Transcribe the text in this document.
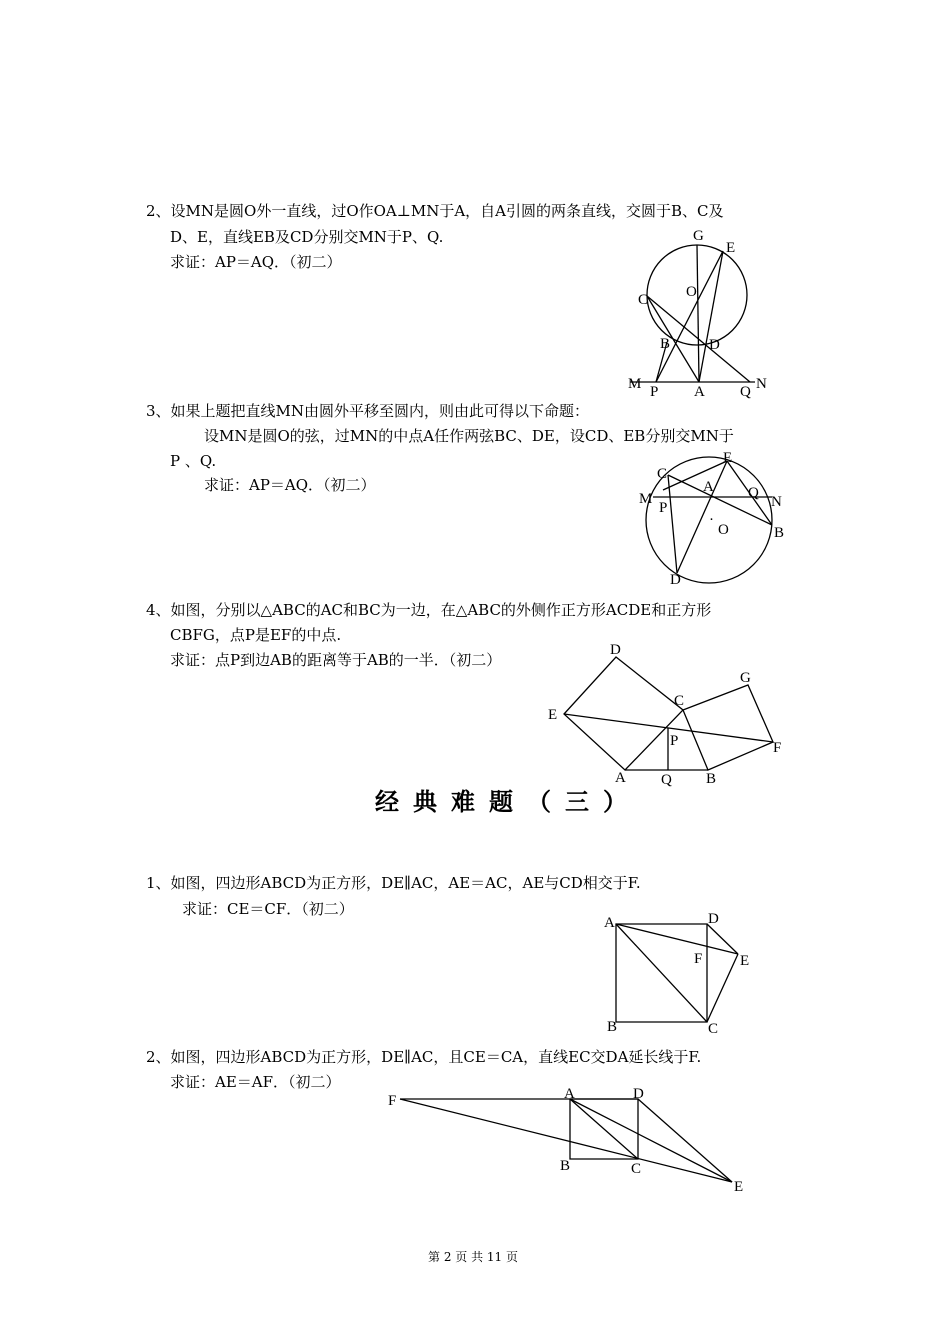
2、设MN是圆O外一直线，过O作OA⊥MN于A，自A引圆的两条直线，交圆于B、C及
D、E，直线EB及CD分别交MN于P、Q.
求证：AP＝AQ．（初二）
G
E
O
C
B	D
M P A Q N
3、如果上题把直线MN由圆外平移至圆内，则由此可得以下命题：
设MN是圆O的弦，过MN的中点A任作两弦BC、DE，设CD、EB分别交MN于
P 、Q.
求证：AP＝AQ．（初二）
C
E
A Q
M	N
P
·
O	B
D
4、如图，分别以△ABC的AC和BC为一边，在△ABC的外侧作正方形ACDE和正方形
CBFG，点P是EF的中点.
求证：点P到边AB的距离等于AB的一半．（初二）
D
G
C
E
P	F
A Q B
经典难题（三）
1、如图，四边形ABCD为正方形，DE∥AC，AE＝AC，AE与CD相交于F.
求证：CE＝CF．（初二）
A	D
F	E
B	C
2、如图，四边形ABCD为正方形，DE∥AC，且CE＝CA，直线EC交DA延长线于F.
求证：AE＝AF．（初二）
F	A	D
B	C
E
第 2 页 共 11 页
